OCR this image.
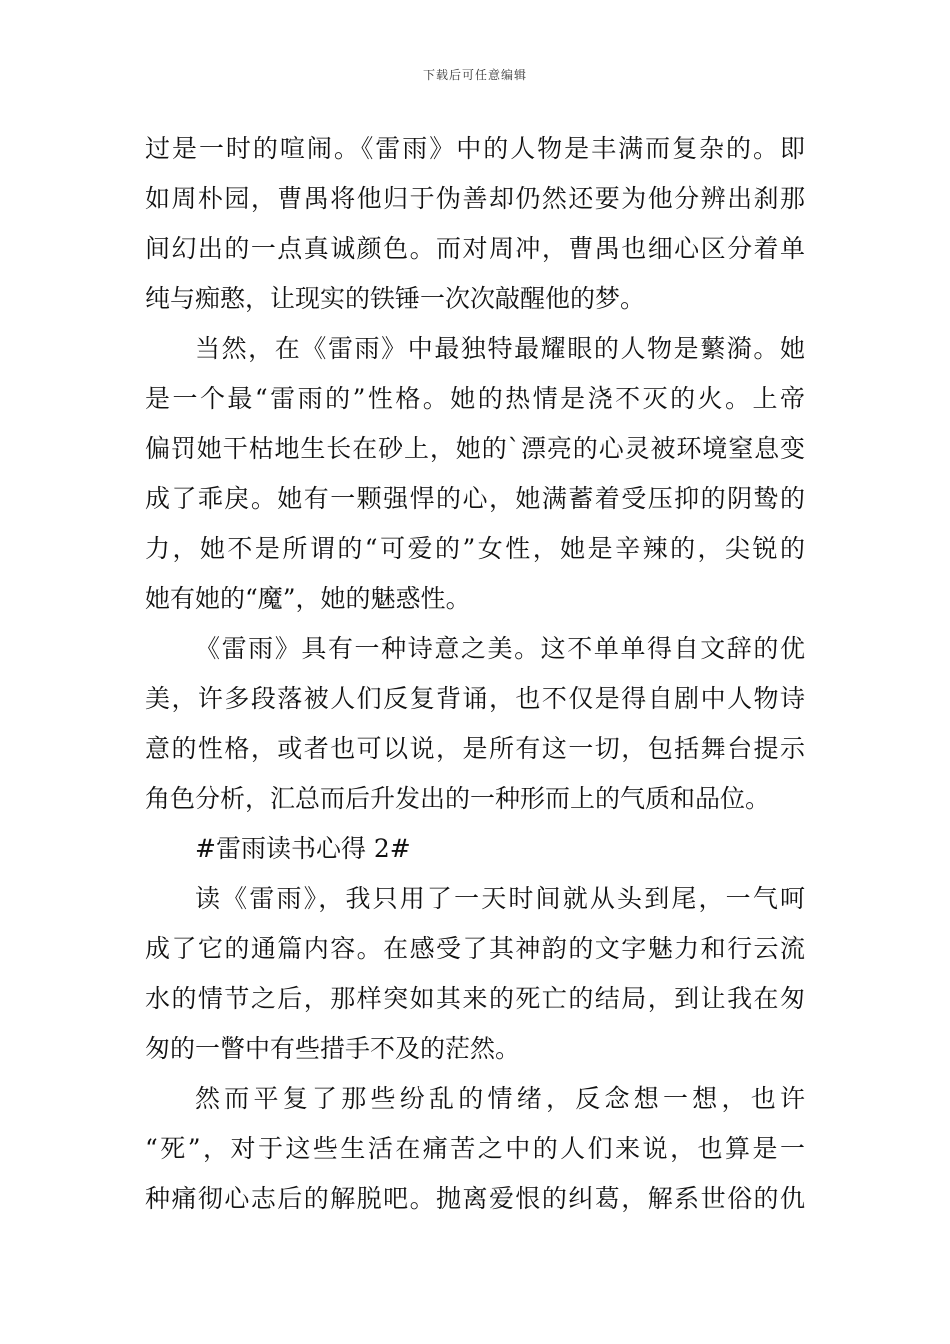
下载后可任意编辑
过是一时的喧闹。《雷雨》中的人物是丰满而复杂的。即
如周朴园，曹禺将他归于伪善却仍然还要为他分辨出刹那
间幻出的一点真诚颜色。而对周冲，曹禺也细心区分着单
纯与痴憨，让现实的铁锤一次次敲醒他的梦。
当然，在《雷雨》中最独特最耀眼的人物是蘩漪。她
是一个最“雷雨的”性格。她的热情是浇不灭的火。上帝
偏罚她干枯地生长在砂上，她的`漂亮的心灵被环境窒息变
成了乖戾。她有一颗强悍的心，她满蓄着受压抑的阴鸷的
力，她不是所谓的“可爱的”女性，她是辛辣的，尖锐的
她有她的“魔”，她的魅惑性。
《雷雨》具有一种诗意之美。这不单单得自文辞的优
美，许多段落被人们反复背诵，也不仅是得自剧中人物诗
意的性格，或者也可以说，是所有这一切，包括舞台提示
角色分析，汇总而后升发出的一种形而上的气质和品位。
#雷雨读书心得 2#
读《雷雨》，我只用了一天时间就从头到尾，一气呵
成了它的通篇内容。在感受了其神韵的文字魅力和行云流
水的情节之后，那样突如其来的死亡的结局，到让我在匆
匆的一瞥中有些措手不及的茫然。
然而平复了那些纷乱的情绪，反念想一想，也许
“死”，对于这些生活在痛苦之中的人们来说，也算是一
种痛彻心志后的解脱吧。抛离爱恨的纠葛，解系世俗的仇
